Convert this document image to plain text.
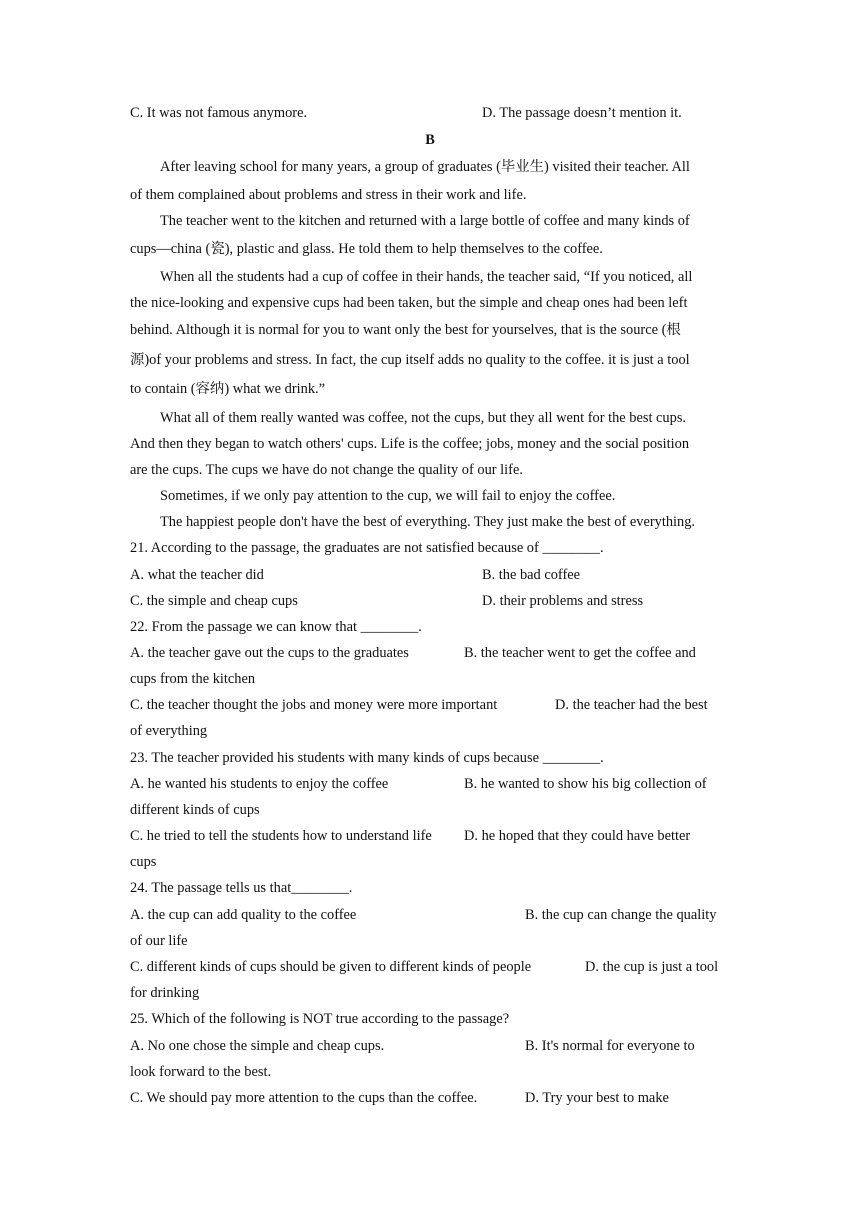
C. It was not famous anymore.	D. The passage doesn’t mention it.
B
After leaving school for many years, a group of graduates (毕业生) visited their teacher. All
of them complained about problems and stress in their work and life.
The teacher went to the kitchen and returned with a large bottle of coffee and many kinds of
cups—china (瓷), plastic and glass. He told them to help themselves to the coffee.
When all the students had a cup of coffee in their hands, the teacher said, “If you noticed, all
the nice-looking and expensive cups had been taken, but the simple and cheap ones had been left
behind. Although it is normal for you to want only the best for yourselves, that is the source (根
源)of your problems and stress. In fact, the cup itself adds no quality to the coffee. it is just a tool
to contain (容纳) what we drink.”
What all of them really wanted was coffee, not the cups, but they all went for the best cups.
And then they began to watch others' cups. Life is the coffee; jobs, money and the social position
are the cups. The cups we have do not change the quality of our life.
Sometimes, if we only pay attention to the cup, we will fail to enjoy the coffee.
The happiest people don't have the best of everything. They just make the best of everything.
21. According to the passage, the graduates are not satisfied because of ________.
A. what the teacher did	B. the bad coffee
C. the simple and cheap cups	D. their problems and stress
22. From the passage we can know that ________.
A. the teacher gave out the cups to the graduates	B. the teacher went to get the coffee and
cups from the kitchen
C. the teacher thought the jobs and money were more important	D. the teacher had the best
of everything
23. The teacher provided his students with many kinds of cups because ________.
A. he wanted his students to enjoy the coffee	B. he wanted to show his big collection of
different kinds of cups
C. he tried to tell the students how to understand life D. he hoped that they could have better
cups
24. The passage tells us that________.
A. the cup can add quality to the coffee	B. the cup can change the quality
of our life
C. different kinds of cups should be given to different kinds of people	D. the cup is just a tool
for drinking
25. Which of the following is NOT true according to the passage?
A. No one chose the simple and cheap cups.	B. It's normal for everyone to
look forward to the best.
C. We should pay more attention to the cups than the coffee.	D. Try your best to make
